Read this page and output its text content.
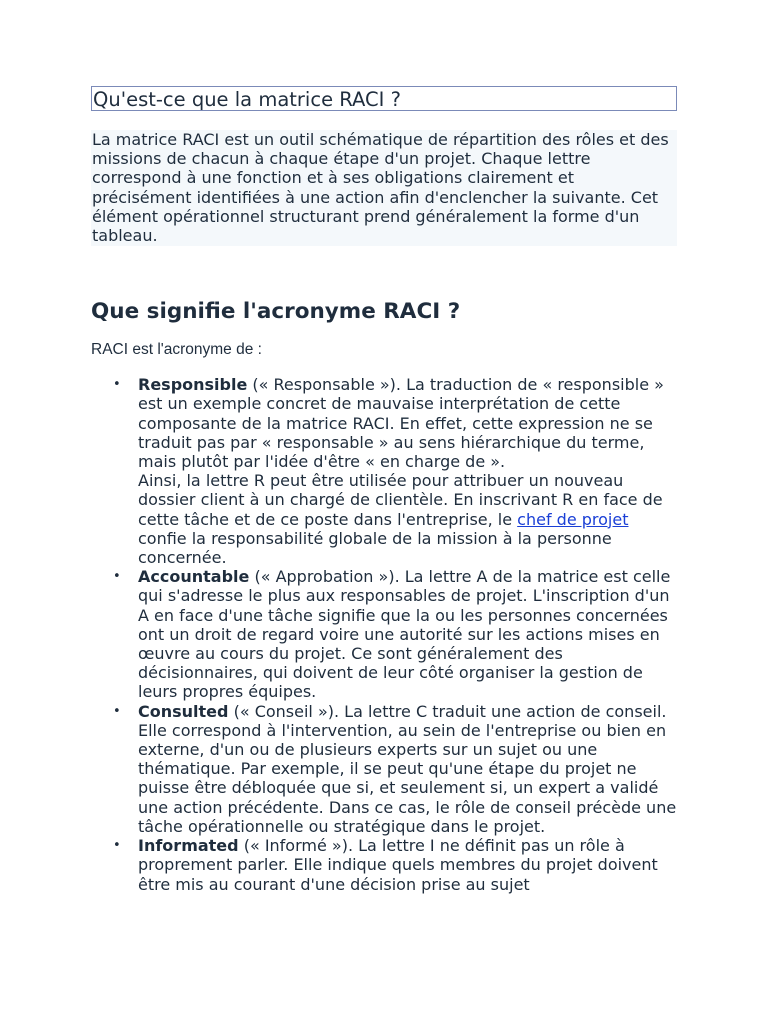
Qu'est-ce que la matrice RACI ?
La matrice RACI est un outil schématique de répartition des rôles et des missions de chacun à chaque étape d'un projet. Chaque lettre correspond à une fonction et à ses obligations clairement et précisément identifiées à une action afin d'enclencher la suivante. Cet élément opérationnel structurant prend généralement la forme d'un tableau.
Que signifie l'acronyme RACI ?
RACI est l'acronyme de :
• Responsible (« Responsable »). La traduction de « responsible » est un exemple concret de mauvaise interprétation de cette composante de la matrice RACI. En effet, cette expression ne se traduit pas par « responsable » au sens hiérarchique du terme, mais plutôt par l'idée d'être « en charge de ».
Ainsi, la lettre R peut être utilisée pour attribuer un nouveau dossier client à un chargé de clientèle. En inscrivant R en face de cette tâche et de ce poste dans l'entreprise, le chef de projet confie la responsabilité globale de la mission à la personne concernée.
• Accountable (« Approbation »). La lettre A de la matrice est celle qui s'adresse le plus aux responsables de projet. L'inscription d'un A en face d'une tâche signifie que la ou les personnes concernées ont un droit de regard voire une autorité sur les actions mises en œuvre au cours du projet. Ce sont généralement des décisionnaires, qui doivent de leur côté organiser la gestion de leurs propres équipes.
• Consulted (« Conseil »). La lettre C traduit une action de conseil. Elle correspond à l'intervention, au sein de l'entreprise ou bien en externe, d'un ou de plusieurs experts sur un sujet ou une thématique. Par exemple, il se peut qu'une étape du projet ne puisse être débloquée que si, et seulement si, un expert a validé une action précédente. Dans ce cas, le rôle de conseil précède une tâche opérationnelle ou stratégique dans le projet.
• Informated (« Informé »). La lettre I ne définit pas un rôle à proprement parler. Elle indique quels membres du projet doivent être mis au courant d'une décision prise au sujet
